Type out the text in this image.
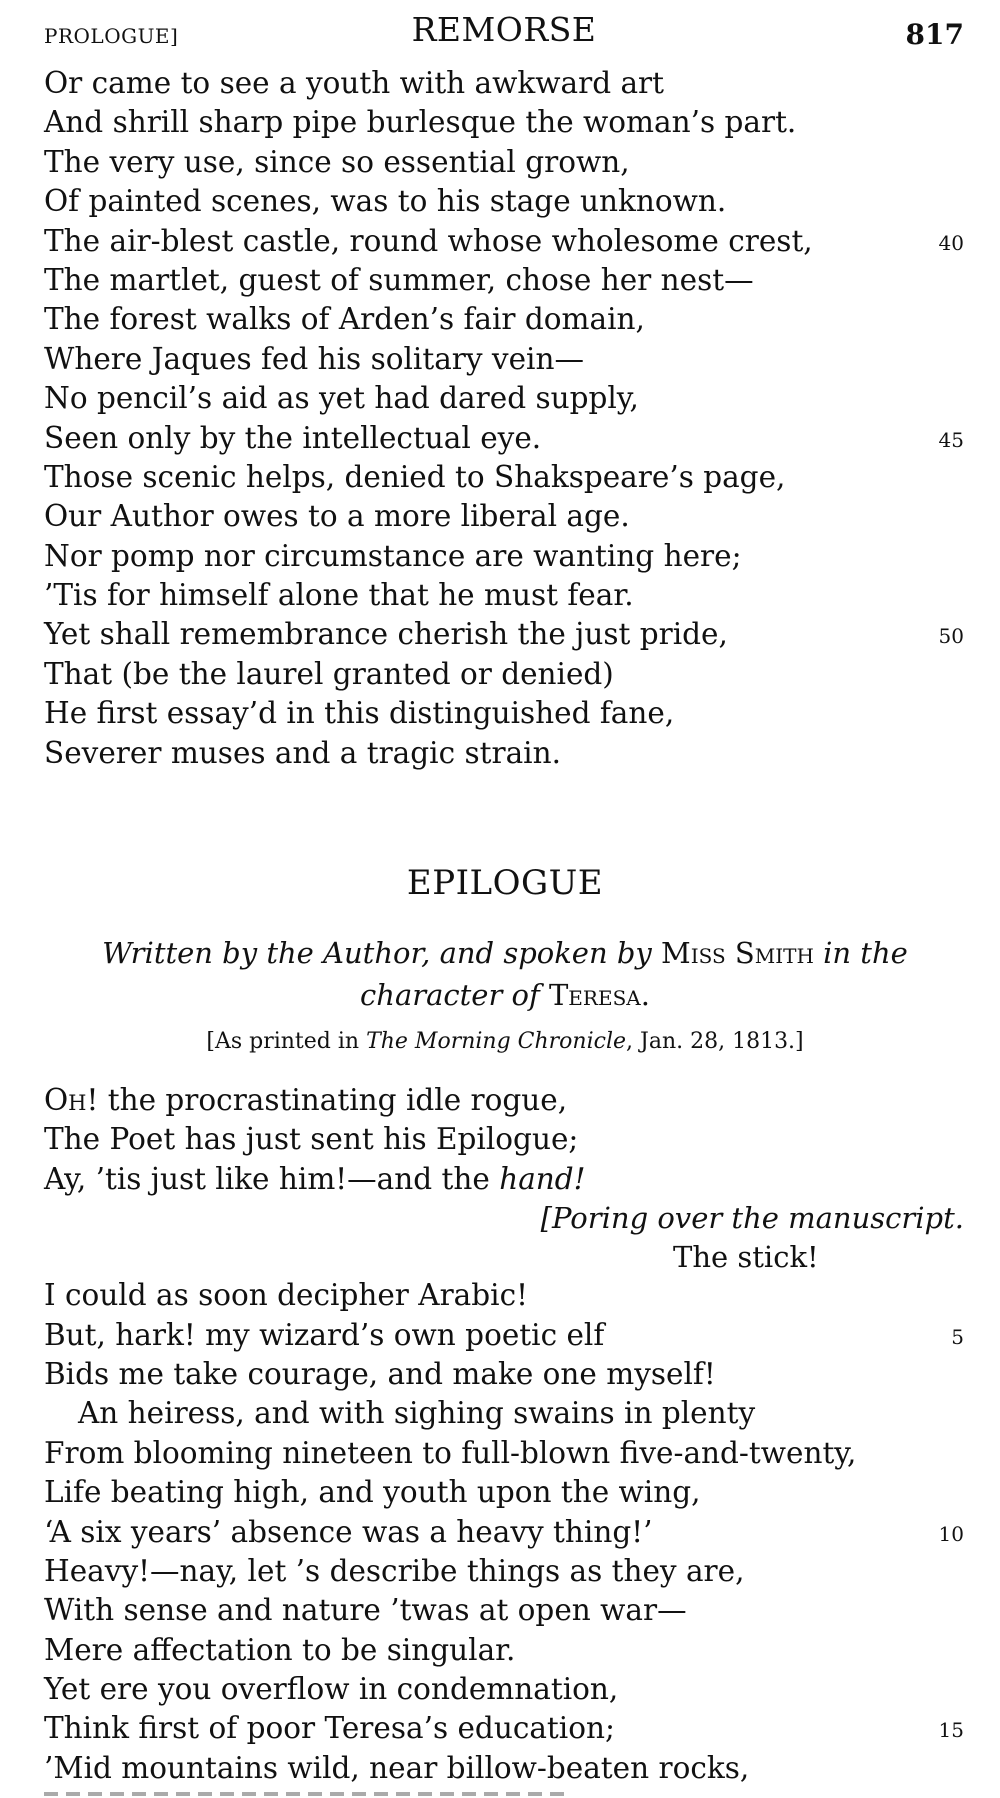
PROLOGUE]	REMORSE	817
Or came to see a youth with awkward art
And shrill sharp pipe burlesque the woman’s part.
The very use, since so essential grown,
Of painted scenes, was to his stage unknown.
The air-blest castle, round whose wholesome crest,	40
The martlet, guest of summer, chose her nest—
The forest walks of Arden’s fair domain,
Where Jaques fed his solitary vein—
No pencil’s aid as yet had dared supply,
Seen only by the intellectual eye.	45
Those scenic helps, denied to Shakspeare’s page,
Our Author owes to a more liberal age.
Nor pomp nor circumstance are wanting here;
’Tis for himself alone that he must fear.
Yet shall remembrance cherish the just pride,	50
That (be the laurel granted or denied)
He first essay’d in this distinguished fane,
Severer muses and a tragic strain.
EPILOGUE
Written by the Author, and spoken by Miss Smith in the
character of Teresa.
[As printed in The Morning Chronicle, Jan. 28, 1813.]
Oh! the procrastinating idle rogue,
The Poet has just sent his Epilogue;
Ay, ’tis just like him!—and the hand!
[Poring over the manuscript.
The stick!
I could as soon decipher Arabic!
But, hark! my wizard’s own poetic elf	5
Bids me take courage, and make one myself!
An heiress, and with sighing swains in plenty
From blooming nineteen to full-blown five-and-twenty,
Life beating high, and youth upon the wing,
‘A six years’ absence was a heavy thing!’	10
Heavy!—nay, let ’s describe things as they are,
With sense and nature ’twas at open war—
Mere affectation to be singular.
Yet ere you overflow in condemnation,
Think first of poor Teresa’s education;	15
’Mid mountains wild, near billow-beaten rocks,
